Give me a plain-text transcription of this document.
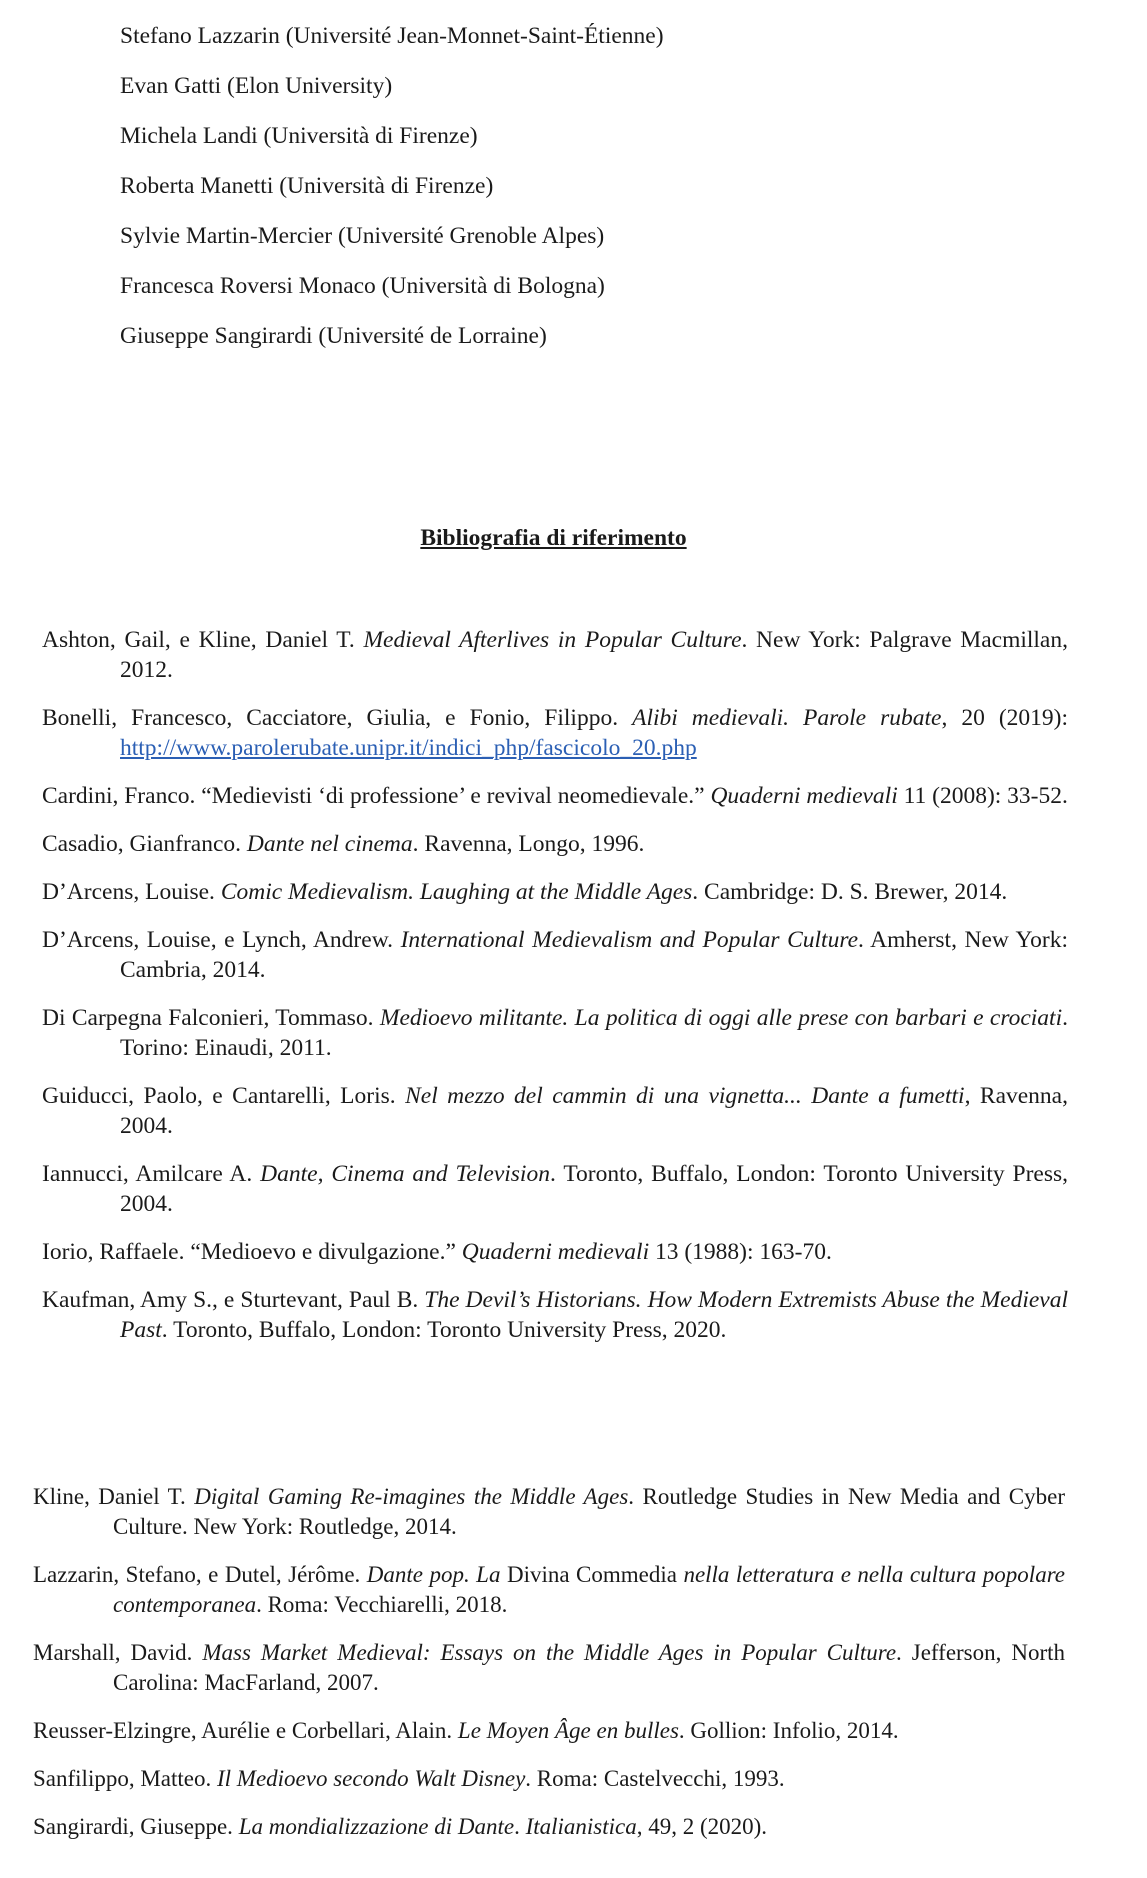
Stefano Lazzarin (Université Jean-Monnet-Saint-Étienne)
Evan Gatti (Elon University)
Michela Landi (Università di Firenze)
Roberta Manetti (Università di Firenze)
Sylvie Martin-Mercier (Université Grenoble Alpes)
Francesca Roversi Monaco (Università di Bologna)
Giuseppe Sangirardi (Université de Lorraine)
Bibliografia di riferimento

Ashton, Gail, e Kline, Daniel T. Medieval Afterlives in Popular Culture. New York: Palgrave Macmillan, 2012.

Bonelli, Francesco, Cacciatore, Giulia, e Fonio, Filippo. Alibi medievali. Parole rubate, 20 (2019): http://www.parolerubate.unipr.it/indici_php/fascicolo_20.php

Cardini, Franco. “Medievisti ‘di professione’ e revival neomedievale.” Quaderni medievali 11 (2008): 33-52.

Casadio, Gianfranco. Dante nel cinema. Ravenna, Longo, 1996.

D’Arcens, Louise. Comic Medievalism. Laughing at the Middle Ages. Cambridge: D. S. Brewer, 2014.

D’Arcens, Louise, e Lynch, Andrew. International Medievalism and Popular Culture. Amherst, New York: Cambria, 2014.

Di Carpegna Falconieri, Tommaso. Medioevo militante. La politica di oggi alle prese con barbari e crociati. Torino: Einaudi, 2011.

Guiducci, Paolo, e Cantarelli, Loris. Nel mezzo del cammin di una vignetta... Dante a fumetti, Ravenna, 2004.

Iannucci, Amilcare A. Dante, Cinema and Television. Toronto, Buffalo, London: Toronto University Press, 2004.

Iorio, Raffaele. “Medioevo e divulgazione.” Quaderni medievali 13 (1988): 163-70.

Kaufman, Amy S., e Sturtevant, Paul B. The Devil’s Historians. How Modern Extremists Abuse the Medieval Past. Toronto, Buffalo, London: Toronto University Press, 2020.

Kline, Daniel T. Digital Gaming Re-imagines the Middle Ages. Routledge Studies in New Media and Cyber Culture. New York: Routledge, 2014.

Lazzarin, Stefano, e Dutel, Jérôme. Dante pop. La Divina Commedia nella letteratura e nella cultura popolare contemporanea. Roma: Vecchiarelli, 2018.

Marshall, David. Mass Market Medieval: Essays on the Middle Ages in Popular Culture. Jefferson, North Carolina: MacFarland, 2007.

Reusser-Elzingre, Aurélie e Corbellari, Alain. Le Moyen Âge en bulles. Gollion: Infolio, 2014.

Sanfilippo, Matteo. Il Medioevo secondo Walt Disney. Roma: Castelvecchi, 1993.

Sangirardi, Giuseppe. La mondializzazione di Dante. Italianistica, 49, 2 (2020).
